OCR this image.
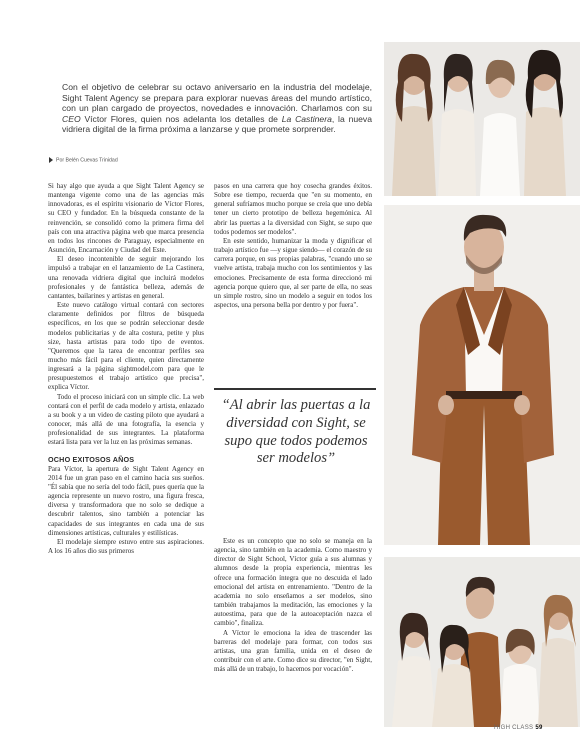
Con el objetivo de celebrar su octavo aniversario en la industria del modelaje, Sight Talent Agency se prepara para explorar nuevas áreas del mundo artístico, con un plan cargado de proyectos, novedades e innovación. Charlamos con su CEO Víctor Flores, quien nos adelanta los detalles de La Castinera, la nueva vidriera digital de la firma próxima a lanzarse y que promete sorprender.
Por Belén Cuevas Trinidad

Si hay algo que ayuda a que Sight Talent Agency se mantenga vigente como una de las agencias más innovadoras, es el espíritu visionario de Víctor Flores, su CEO y fundador. En la búsqueda constante de la reinvención, se consolidó como la primera firma del país con una atractiva página web que marca presencia en todos los rincones de Paraguay, especialmente en Asunción, Encarnación y Ciudad del Este.

El deseo incontenible de seguir mejorando los impulsó a trabajar en el lanzamiento de La Castinera, una renovada vidriera digital que incluirá modelos profesionales y de fantástica belleza, además de cantantes, bailarines y artistas en general.

Este nuevo catálogo virtual contará con sectores claramente definidos por filtros de búsqueda específicos, en los que se podrán seleccionar desde modelos publicitarias y de alta costura, petite y plus size, hasta artistas para todo tipo de eventos. "Queremos que la tarea de encontrar perfiles sea mucho más fácil para el cliente, quien directamente ingresará a la página sightmodel.com para que le presupuestemos el trabajo artístico que precisa", explica Víctor.

Todo el proceso iniciará con un simple clic. La web contará con el perfil de cada modelo y artista, enlazado a su book y a un video de casting piloto que ayudará a conocer, más allá de una fotografía, la esencia y profesionalidad de sus integrantes. La plataforma estará lista para ver la luz en las próximas semanas.

OCHO EXITOSOS AÑOS

Para Víctor, la apertura de Sight Talent Agency en 2014 fue un gran paso en el camino hacia sus sueños. "Él sabía que no sería del todo fácil, pues quería que la agencia represente un nuevo rostro, una figura fresca, diversa y transformadora que no solo se dedique a descubrir talentos, sino también a potenciar las capacidades de sus integrantes en cada una de sus dimensiones artísticas, culturales y estilísticas.

El modelaje siempre estuvo entre sus aspiraciones. A los 16 años dio sus primeros

pasos en una carrera que hoy cosecha grandes éxitos. Sobre ese tiempo, recuerda que "en su momento, en general sufríamos mucho porque se creía que uno debía tener un cierto prototipo de belleza hegemónica. Al abrir las puertas a la diversidad con Sight, se supo que todos podemos ser modelos".

En este sentido, humanizar la moda y dignificar el trabajo artístico fue —y sigue siendo— el corazón de su carrera porque, en sus propias palabras, "cuando uno se vuelve artista, trabaja mucho con los sentimientos y las emociones. Precisamente de esta forma direccionó mi agencia porque quiero que, al ser parte de ella, no seas un simple rostro, sino un modelo a seguir en todos los aspectos, una persona bella por dentro y por fuera".

“Al abrir las puertas a la diversidad con Sight, se supo que todos podemos ser modelos”

Este es un concepto que no solo se maneja en la agencia, sino también en la academia. Como maestro y director de Sight School, Víctor guía a sus alumnas y alumnos desde la propia experiencia, mientras les ofrece una formación íntegra que no descuida el lado emocional del artista en entrenamiento. "Dentro de la academia no solo enseñamos a ser modelos, sino también trabajamos la meditación, las emociones y la autoestima, para que de la autoaceptación nazca el cambio", finaliza.

A Víctor le emociona la idea de trascender las barreras del modelaje para formar, con todos sus artistas, una gran familia, unida en el deseo de contribuir con el arte. Como dice su director, "en Sight, más allá de un trabajo, lo hacemos por vocación".

HIGH CLASS 59
